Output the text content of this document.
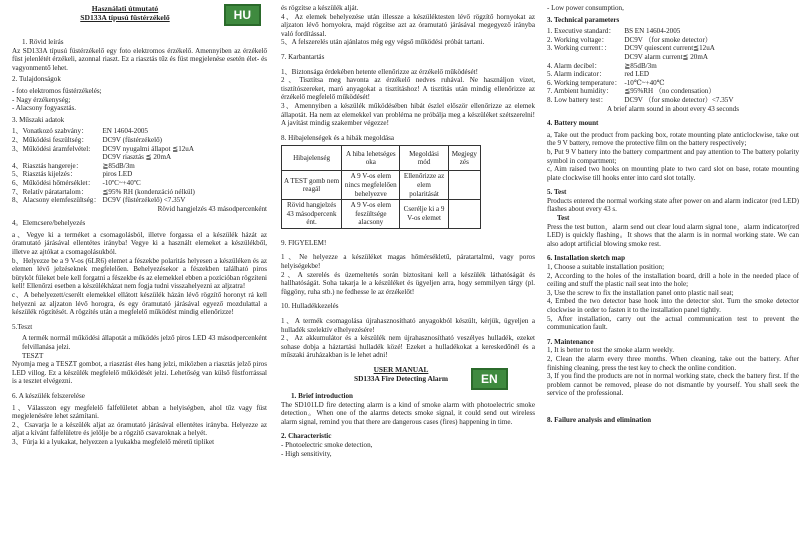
Használati útmutató
SD133A típusú füstérzékelő	HU

1. Rövid leírás

Az SD133A típusú füstérzékelő egy foto elektromos érzékelő. Amennyiben az érzékelő füst jelenlétét érzékeli, azonnal riaszt. Ez a riasztás tűz és füst megjelenése esetén élet- és vagyonmentő lehet.

2. Tulajdonságok

- foto elektromos füstérzékelés;

- Nagy érzékenység;

- Alacsony fogyasztás.

3. Műszaki adatok

1、Vonatkozó szabvány：	EN 14604-2005
2、Működési feszültség：	DC9V (füstérzékelő)
3、Működési áramfelvétel:	DC9V nyugalmi állapot ≦12uA
	DC9V riasztás ≦ 20mA
4、Riasztás hangereje：	≧85dB/3m
5、Riasztás kijelzés：	piros LED
6、Működési hőmérséklet：	-10ºC~+40ºC
7、Relatív páratartalom：	≦95% RH (kondenzáció nélkül)
8、Alacsony elemfeszültség：	DC9V (füstérzékelő) <7.35V

Rövid hangjelzés 43 másodpercenként

4。Elemcsere/behelyezés

a、Vegye ki a terméket a csomagolásból, illetve forgassa el a készülék házát az óramutató járásával ellentétes irányba! Vegye ki a használt elemeket a készülékből, illetve az ajtókat a csomagolásukból.

b、Helyezze be a 9 V-os (6LR6) elemet a fészekbe polaritás helyesen a készüléken és az elemen lévő jelzéseknek megfelelően. Behelyezésekor a fészekben található piros bütyköt füleket bele kell forgatni a fészekbe és az elemekkel ebben a pozícióban rögzíteni kell! Ellenőrzi esetben a készülékházat nem fogja tudni visszahelyezni az aljzatra!

c、A behelyezett/cserélt elemekkel ellátott készülék házán lévő rögzítő horonyt rá kell helyezni az aljzaton lévő horogra, és egy óramutató járásával egyező mozdulattal a készülék rögzítését. A rögzítés után a megfelelő működést mindig ellenőrizze!

5.Teszt

A termék normál működési állapotát a működés jelző piros LED 43 másodpercenként felvillanása jelzi.

TESZT

Nyomja meg a TESZT gombot, a riasztást éles hang jelzi, miközben a riasztás jelző piros LED villog. Ez a készülék megfelelő működését jelzi. Lehetőség van külső füstforrással is a tesztet elvégezni.

6. A készülék felszerelése

1、Válasszon egy megfelelő falfelületet abban a helyiségben, ahol tűz vagy füst megjelenésére lehet számítani.

2、Csavarja le a készülék aljat az óramutató járásával ellentétes irányba. Helyezze az aljat a kívánt falfelületre és jelölje be a rögzítő csavaroknak a helyét.

3、Fúrja ki a lyukakat, helyezzen a lyukakba megfelelő méretű tipliket

és rögzítse a készülék alját.

4、Az elemek behelyezése után illessze a készüléktesten lévő rögzítő hornyokat az aljzaton lévő hornyokra, majd rögzítse azt az óramutató járásával megegyező irányba való fordítással.

5、A felszerelés után ajánlatos még egy végső működési próbát tartani.

7. Karbantartás

1、Biztonsága érdekében hetente ellenőrizze az érzékelő működését!

2、Tisztítsa meg havonta az érzékelő nedves ruhával. Ne használjon vizet, tisztítószereket, maró anyagokat a tisztításhoz! A tisztítás után mindig ellenőrizze az érzékelő megfelelő működését!

3、Amennyiben a készülék működésében hibát észlel először ellenőrizze az elemek állapotát. Ha nem az elemekkel van probléma ne próbálja meg a készüléket szétszerelni! A javítást mindig szakember végezze!

8. Hibajelenségek és a hibák megoldása

Hibajelenség	A hiba lehetséges oka	Megoldási mód	Megjegy zés
A TEST gomb nem reagál	A 9 V-os elem nincs megfelelően behelyezve	Ellenőrizze az elem polaritását	
Rövid hangjelzés 43 másodpercenk ént.	A 9 V-os elem feszültsége alacsony	Cserélje ki a 9 V-os elemet	

9. FIGYELEM!

1、Ne helyezze a készüléket magas hőmérsékletű, páratartalmú, vagy poros helyiségekbe!

2、A szerelés és üzemeltetés során biztosítani kell a készülék láthatóságát és hallhatóságát. Soha takarja le a készüléket és ügyeljen arra, hogy semmilyen tárgy (pl. függöny, ruha stb.) ne fedhesse le az érzékelőt!

10. Hulladékkezelés

1、A termék csomagolása újrahasznosítható anyagokból készült, kérjük, ügyeljen a hulladék szelektív elhelyezésére!

2、Az akkumulátor és a készülék nem újrahasznosítható veszélyes hulladék, ezeket sohase dobja a háztartási hulladék közé! Ezeket a hulladékokat a kereskedőnél és a műszaki áruházakban is le lehet adni!

USER MANUAL
SD133A Fire Detecting Alarm	EN

1. Brief introduction

The SD101LD fire detecting alarm is a kind of smoke alarm with photoelectric smoke detection。When one of the alarms detects smoke signal, it could send out wireless alarm signal, remind you that there are dangerous cases (fires) happening in time.

2. Characteristic

- Photoelectric smoke detection,

- High sensitivity,

- Low power consumption,

3. Technical parameters

1. Executive standard：	BS EN 14604-2005
2. Working voltage：	DC9V （for smoke detector）
3. Working current：：	DC9V quiescent current≦12uA
	DC9V alarm current≦ 20mA
4. Alarm decibel：	≧85dB/3m
5. Alarm indicator：	red LED
6. Working temperature：	-10℃~+40℃
7. Ambient humidity：	≦95%RH （no condensation）
8. Low battery test：	DC9V （for smoke detector）<7.35V

A brief alarm sound in about every 43 seconds

4. Battery mount

a, Take out the product from packing box, rotate mounting plate anticlockwise, take out the 9 V battery, remove the protective film on the battery respectively;

b, Put 9 V battery into the battery compartment and pay attention to The battery polarity symbol in compartment;

c, Aim raised two hooks on mounting plate to two card slot on base, rotate mounting plate clockwise till hooks enter into card slot totally.

5. Test

Products entered the normal working state after power on and alarm indicator (red LED) flashes about every 43 s.

Test

Press the test button，alarm send out clear loud alarm signal tone，alarm indicator(red LED) is quickly flashing。It shows that the alarm is in normal working state. We can also adopt artificial blowing smoke rest.

6. Installation sketch map

1, Choose a suitable installation position;

2, According to the holes of the installation board, drill a hole in the needed place of ceiling and stuff the plastic nail seat into the hole;

3, Use the screw to fix the installation panel onto plastic nail seat;

4, Embed the two detector base hook into the detector slot. Turn the smoke detector clockwise in order to fasten it to the installation panel tightly.

5, After installation, carry out the actual communication test to prevent the communication fault.

7. Maintenance

1, It is better to test the smoke alarm weekly.

2, Clean the alarm every three months. When cleaning, take out the battery. After finishing cleaning, press the test key to check the online condition.

3, If you find the products are not in normal working state, check the battery first. If the problem cannot be removed, please do not dismantle by yourself. You shall seek the service of the professional.

8. Failure analysis and elimination
